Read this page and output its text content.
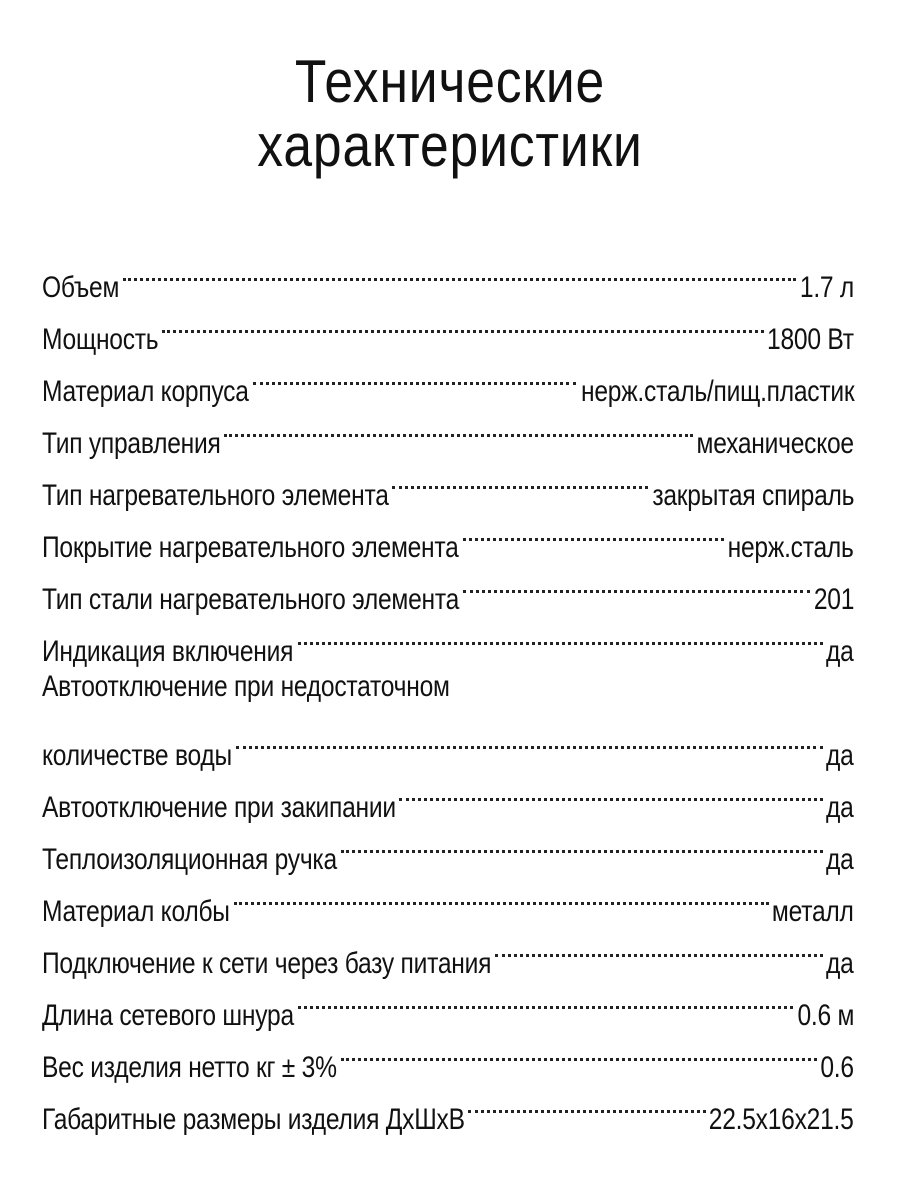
Технические
характеристики
Объем	1.7 л
Мощность	1800 Вт
Материал корпуса	нерж.сталь/пищ.пластик
Тип управления	механическое
Тип нагревательного элемента	закрытая спираль
Покрытие нагревательного элемента	нерж.сталь
Тип стали нагревательного элемента	201
Индикация включения	да
Автоотключение при недостаточном
количестве воды	да
Автоотключение при закипании	да
Теплоизоляционная ручка	да
Материал колбы	металл
Подключение к сети через базу питания	да
Длина сетевого шнура	0.6 м
Вес изделия нетто кг ± 3%	0.6
Габаритные размеры изделия ДхШхВ	22.5x16x21.5
